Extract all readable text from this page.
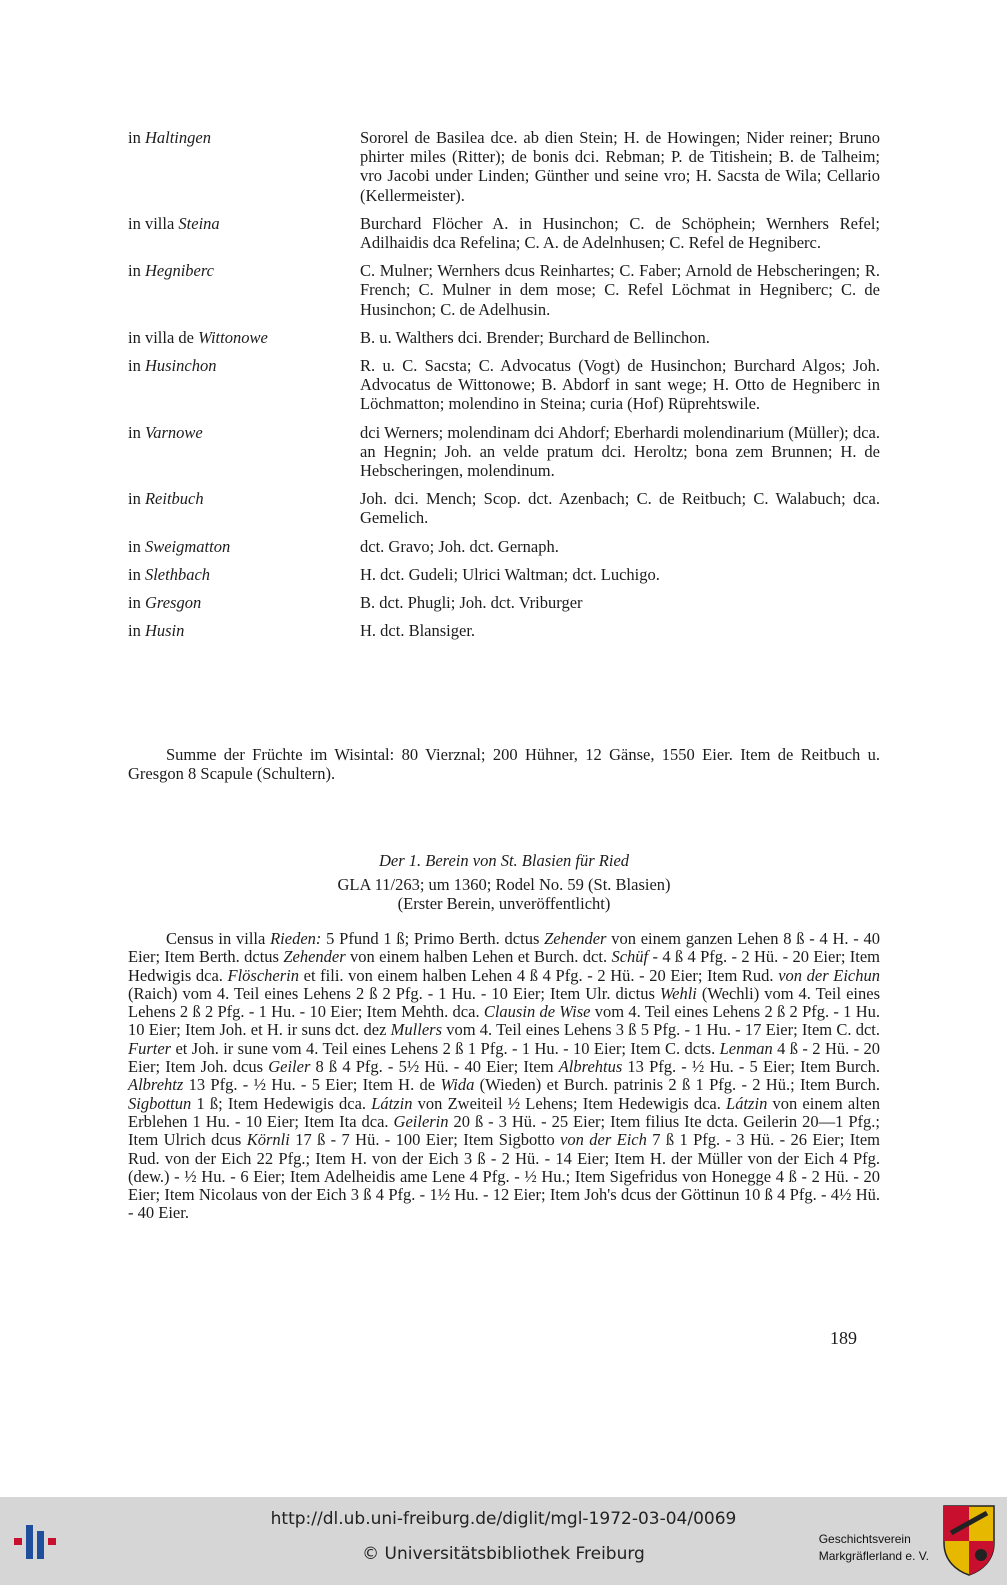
in Haltingen	Sororel de Basilea dce. ab dien Stein; H. de Howingen; Nider reiner; Bruno phirter miles (Ritter); de bonis dci. Rebman; P. de Titishein; B. de Talheim; vro Jacobi under Linden; Günther und seine vro; H. Sacsta de Wila; Cellario (Kellermeister).
in villa Steina	Burchard Flöcher A. in Husinchon; C. de Schöphein; Wernhers Refel; Adilhaidis dca Refelina; C. A. de Adelnhusen; C. Refel de Hegniberc.
in Hegniberc	C. Mulner; Wernhers dcus Reinhartes; C. Faber; Arnold de Hebscheringen; R. French; C. Mulner in dem mose; C. Refel Löchmat in Hegniberc; C. de Husinchon; C. de Adelhusin.
in villa de Wittonowe	B. u. Walthers dci. Brender; Burchard de Bellinchon.
in Husinchon	R. u. C. Sacsta; C. Advocatus (Vogt) de Husinchon; Burchard Algos; Joh. Advocatus de Wittonowe; B. Abdorf in sant wege; H. Otto de Hegniberc in Löchmatton; molendino in Steina; curia (Hof) Rüprehtswile.
in Varnowe	dci Werners; molendinam dci Ahdorf; Eberhardi molendinarium (Müller); dca. an Hegnin; Joh. an velde pratum dci. Heroltz; bona zem Brunnen; H. de Hebscheringen, molendinum.
in Reitbuch	Joh. dci. Mench; Scop. dct. Azenbach; C. de Reitbuch; C. Walabuch; dca. Gemelich.
in Sweigmatton	dct. Gravo; Joh. dct. Gernaph.
in Slethbach	H. dct. Gudeli; Ulrici Waltman; dct. Luchigo.
in Gresgon	B. dct. Phugli; Joh. dct. Vriburger
in Husin	H. dct. Blansiger.
Summe der Früchte im Wisintal: 80 Vierznal; 200 Hühner, 12 Gänse, 1550 Eier. Item de Reitbuch u. Gresgon 8 Scapule (Schultern).
Der 1. Berein von St. Blasien für Ried
GLA 11/263; um 1360; Rodel No. 59 (St. Blasien)
(Erster Berein, unveröffentlicht)
Census in villa Rieden: 5 Pfund 1 ß; Primo Berth. dctus Zehender von einem ganzen Lehen 8 ß - 4 H. - 40 Eier; Item Berth. dctus Zehender von einem halben Lehen et Burch. dct. Schüf - 4 ß 4 Pfg. - 2 Hü. - 20 Eier; Item Hedwigis dca. Flöscherin et fili. von einem halben Lehen 4 ß 4 Pfg. - 2 Hü. - 20 Eier; Item Rud. von der Eichun (Raich) vom 4. Teil eines Lehens 2 ß 2 Pfg. - 1 Hu. - 10 Eier; Item Ulr. dictus Wehli (Wechli) vom 4. Teil eines Lehens 2 ß 2 Pfg. - 1 Hu. - 10 Eier; Item Mehth. dca. Clausin de Wise vom 4. Teil eines Lehens 2 ß 2 Pfg. - 1 Hu. 10 Eier; Item Joh. et H. ir suns dct. dez Mullers vom 4. Teil eines Lehens 3 ß 5 Pfg. - 1 Hu. - 17 Eier; Item C. dct. Furter et Joh. ir sune vom 4. Teil eines Lehens 2 ß 1 Pfg. - 1 Hu. - 10 Eier; Item C. dcts. Lenman 4 ß - 2 Hü. - 20 Eier; Item Joh. dcus Geiler 8 ß 4 Pfg. - 5½ Hü. - 40 Eier; Item Albrehtus 13 Pfg. - ½ Hu. - 5 Eier; Item Burch. Albrehtz 13 Pfg. - ½ Hu. - 5 Eier; Item H. de Wida (Wieden) et Burch. patrinis 2 ß 1 Pfg. - 2 Hü.; Item Burch. Sigbottun 1 ß; Item Hedewigis dca. Látzin von Zweiteil ½ Lehens; Item Hedewigis dca. Látzin von einem alten Erblehen 1 Hu. - 10 Eier; Item Ita dca. Geilerin 20 ß - 3 Hü. - 25 Eier; Item filius Ite dcta. Geilerin 20—1 Pfg.; Item Ulrich dcus Körnli 17 ß - 7 Hü. - 100 Eier; Item Sigbotto von der Eich 7 ß 1 Pfg. - 3 Hü. - 26 Eier; Item Rud. von der Eich 22 Pfg.; Item H. von der Eich 3 ß - 2 Hü. - 14 Eier; Item H. der Müller von der Eich 4 Pfg. (dew.) - ½ Hu. - 6 Eier; Item Adelheidis ame Lene 4 Pfg. - ½ Hu.; Item Sigefridus von Honegge 4 ß - 2 Hü. - 20 Eier; Item Nicolaus von der Eich 3 ß 4 Pfg. - 1½ Hu. - 12 Eier; Item Joh's dcus der Göttinun 10 ß 4 Pfg. - 4½ Hü. - 40 Eier.
189
http://dl.ub.uni-freiburg.de/diglit/mgl-1972-03-04/0069
© Universitätsbibliothek Freiburg
Geschichtsverein
Markgräflerland e. V.
